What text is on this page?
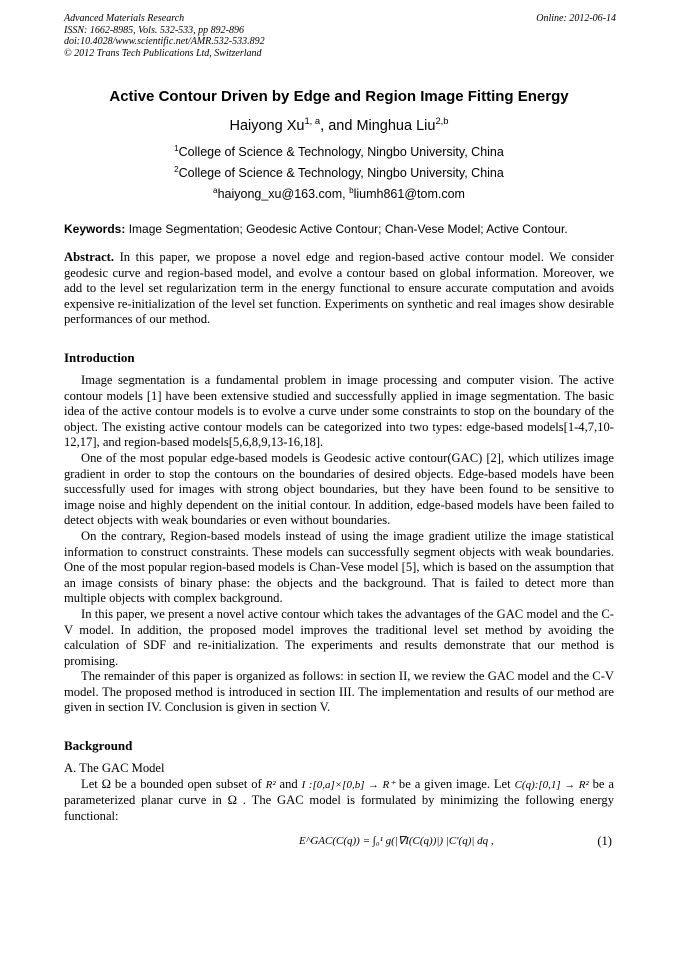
Advanced Materials Research
ISSN: 1662-8985, Vols. 532-533, pp 892-896
doi:10.4028/www.scientific.net/AMR.532-533.892
© 2012 Trans Tech Publications Ltd, Switzerland
Online: 2012-06-14
Active Contour Driven by Edge and Region Image Fitting Energy
Haiyong Xu$^{1, a}$, and Minghua Liu$^{2,b}$
$^1$College of Science & Technology, Ningbo University, China
$^2$College of Science & Technology, Ningbo University, China
$^a$haiyong_xu@163.com, $^b$liumh861@tom.com
Keywords: Image Segmentation; Geodesic Active Contour; Chan-Vese Model; Active Contour.

Abstract. In this paper, we propose a novel edge and region-based active contour model. We consider geodesic curve and region-based model, and evolve a contour based on global information. Moreover, we add to the level set regularization term in the energy functional to ensure accurate computation and avoids expensive re-initialization of the level set function. Experiments on synthetic and real images show desirable performances of our method.

Introduction

Image segmentation is a fundamental problem in image processing and computer vision. The active contour models [1] have been extensive studied and successfully applied in image segmentation. The basic idea of the active contour models is to evolve a curve under some constraints to stop on the boundary of the object. The existing active contour models can be categorized into two types: edge-based models[1-4,7,10-12,17], and region-based models[5,6,8,9,13-16,18].

One of the most popular edge-based models is Geodesic active contour(GAC) [2], which utilizes image gradient in order to stop the contours on the boundaries of desired objects. Edge-based models have been successfully used for images with strong object boundaries, but they have been found to be sensitive to image noise and highly dependent on the initial contour. In addition, edge-based models have been failed to detect objects with weak boundaries or even without boundaries.

On the contrary, Region-based models instead of using the image gradient utilize the image statistical information to construct constraints. These models can successfully segment objects with weak boundaries. One of the most popular region-based models is Chan-Vese model [5], which is based on the assumption that an image consists of binary phase: the objects and the background. That is failed to detect more than multiple objects with complex background.

In this paper, we present a novel active contour which takes the advantages of the GAC model and the C-V model. In addition, the proposed model improves the traditional level set method by avoiding the calculation of SDF and re-initialization. The experiments and results demonstrate that our method is promising.

The remainder of this paper is organized as follows: in section II, we review the GAC model and the C-V model. The proposed method is introduced in section III. The implementation and results of our method are given in section IV. Conclusion is given in section V.

Background

A. The GAC Model

Let Ω be a bounded open subset of R² and I :[0,a]×[0,b] → R⁺ be a given image. Let C(q):[0,1] → R² be a parameterized planar curve in Ω . The GAC model is formulated by minimizing the following energy functional:

E^GAC(C(q)) = ∫₀¹ g(|∇I(C(q))|) |C′(q)| dq ,	(1)
